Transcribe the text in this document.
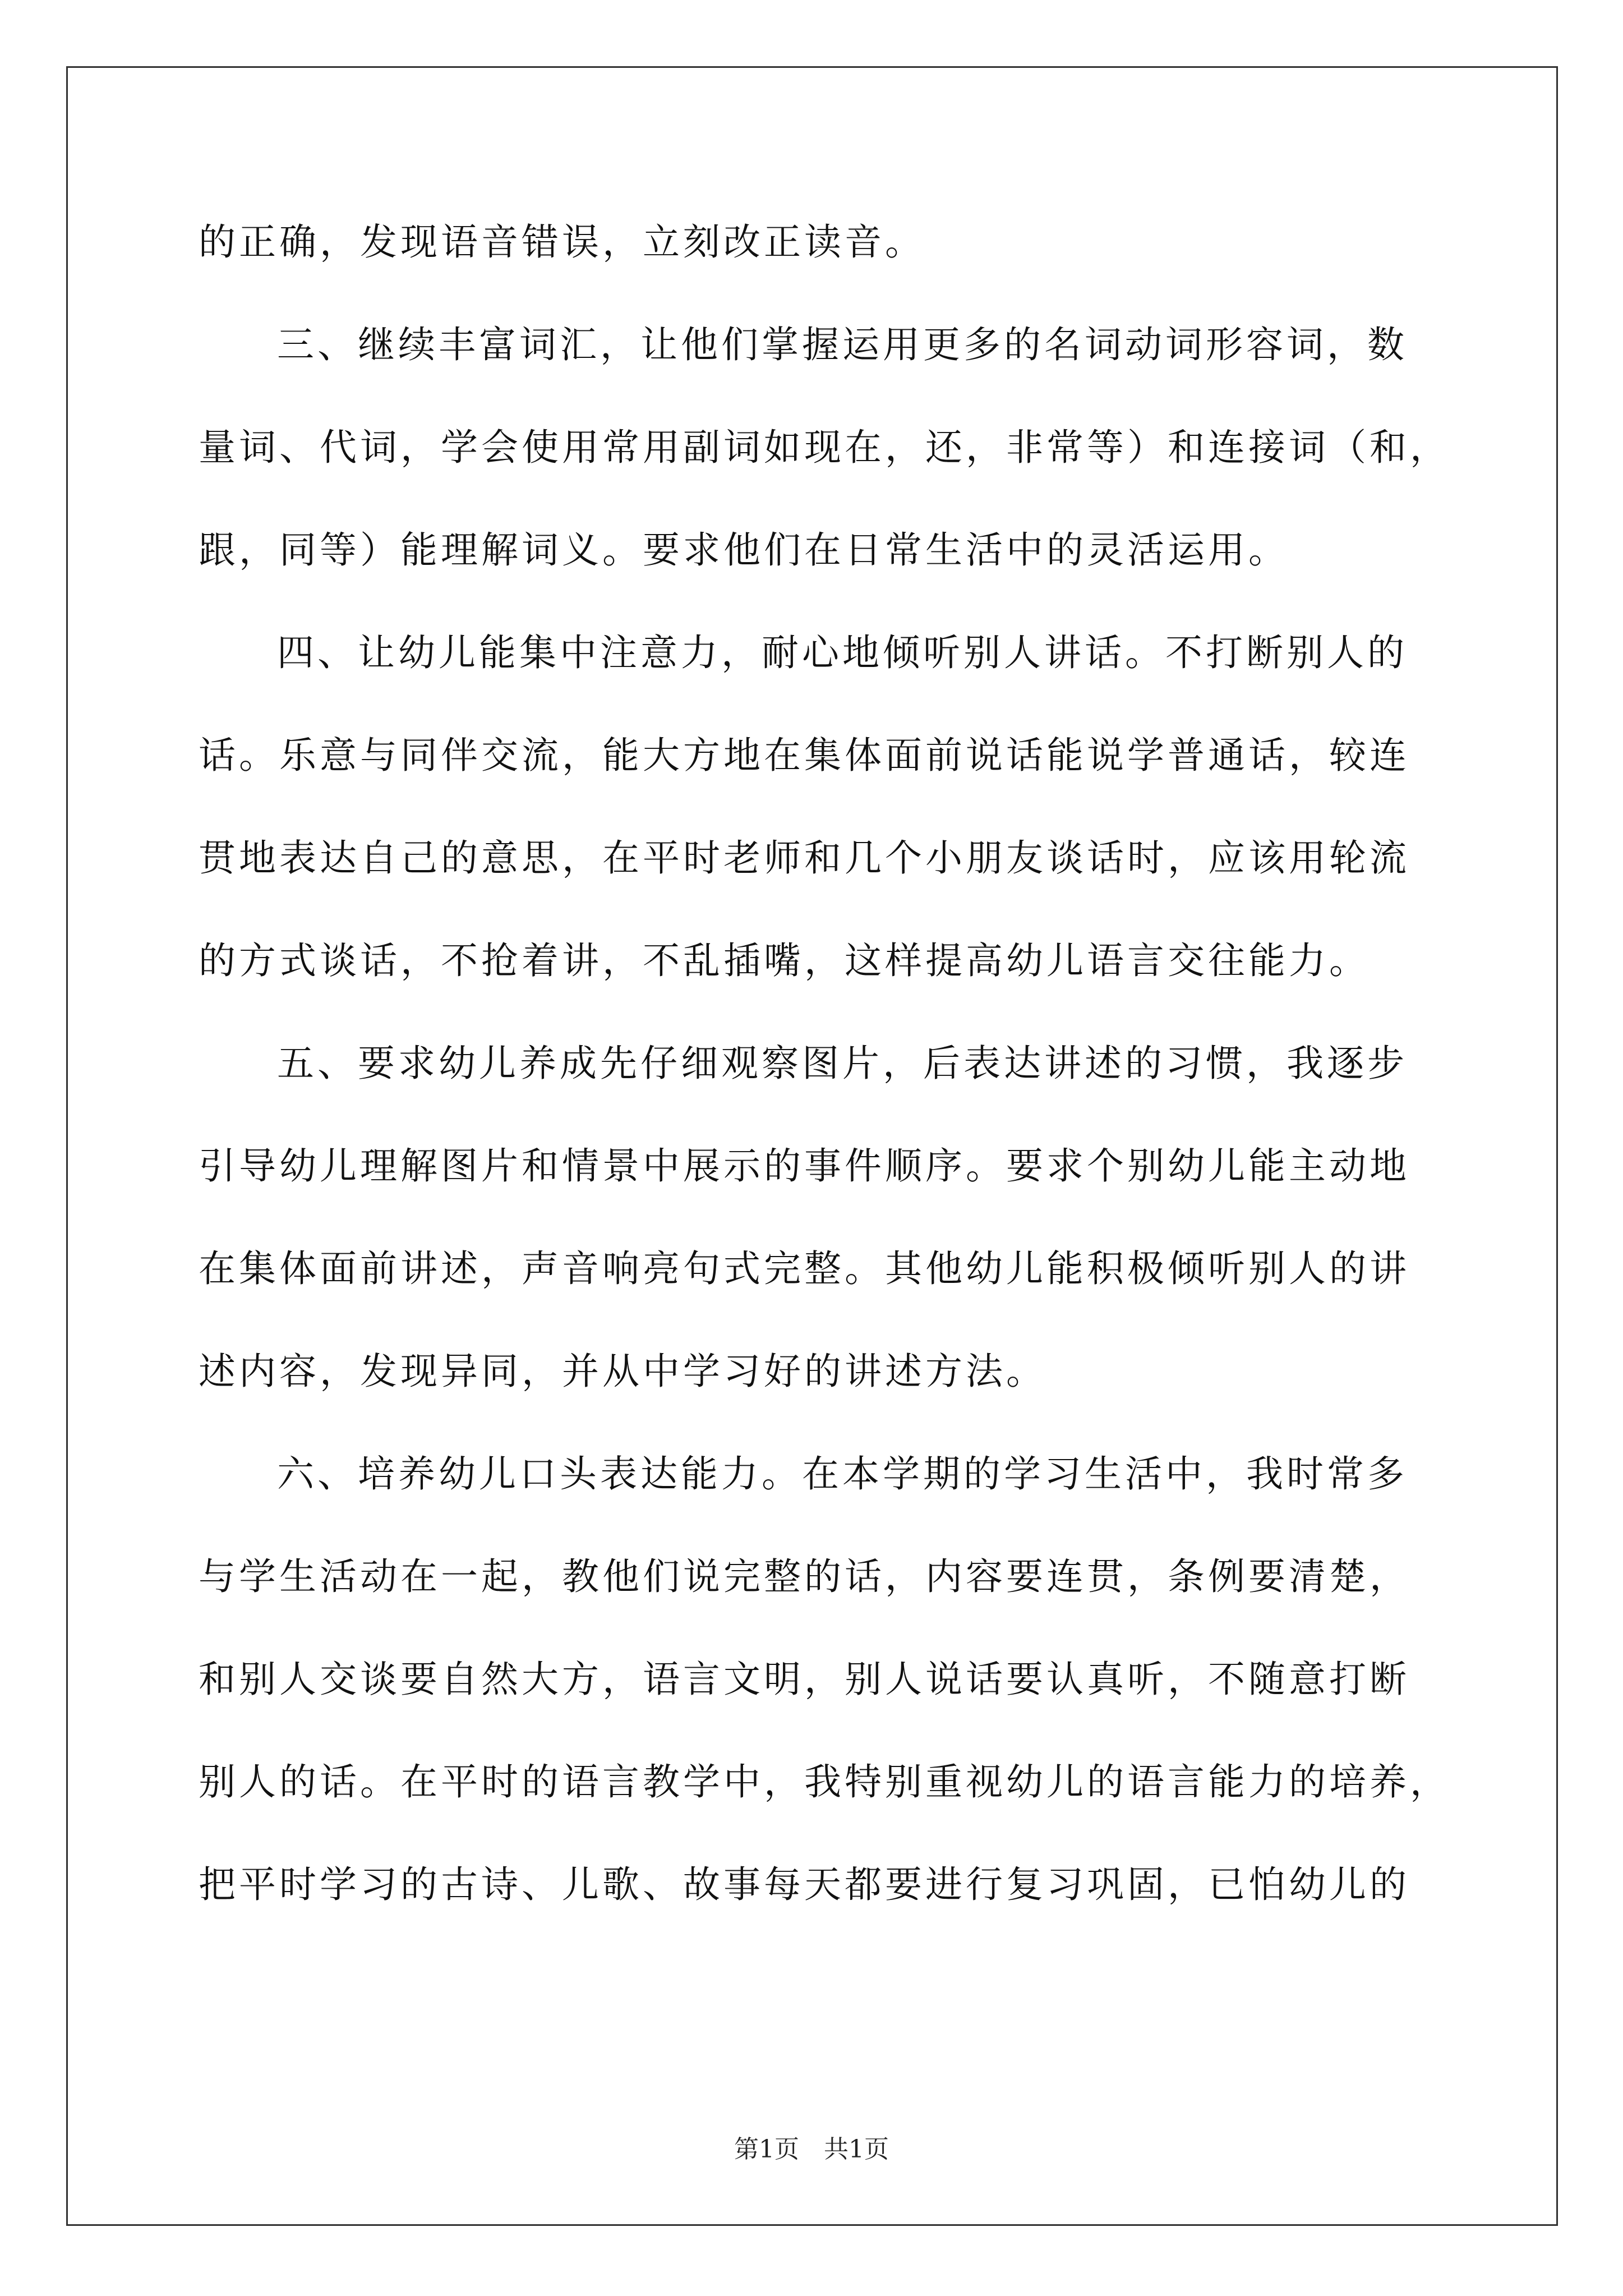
的正确，发现语音错误，立刻改正读音。
三、继续丰富词汇，让他们掌握运用更多的名词动词形容词，数
量词、代词，学会使用常用副词如现在，还，非常等）和连接词（和，
跟，同等）能理解词义。要求他们在日常生活中的灵活运用。
四、让幼儿能集中注意力，耐心地倾听别人讲话。不打断别人的
话。乐意与同伴交流，能大方地在集体面前说话能说学普通话，较连
贯地表达自己的意思，在平时老师和几个小朋友谈话时，应该用轮流
的方式谈话，不抢着讲，不乱插嘴，这样提高幼儿语言交往能力。
五、要求幼儿养成先仔细观察图片，后表达讲述的习惯，我逐步
引导幼儿理解图片和情景中展示的事件顺序。要求个别幼儿能主动地
在集体面前讲述，声音响亮句式完整。其他幼儿能积极倾听别人的讲
述内容，发现异同，并从中学习好的讲述方法。
六、培养幼儿口头表达能力。在本学期的学习生活中，我时常多
与学生活动在一起，教他们说完整的话，内容要连贯，条例要清楚，
和别人交谈要自然大方，语言文明，别人说话要认真听，不随意打断
别人的话。在平时的语言教学中，我特别重视幼儿的语言能力的培养，
把平时学习的古诗、儿歌、故事每天都要进行复习巩固，已怕幼儿的
第1页　共1页
